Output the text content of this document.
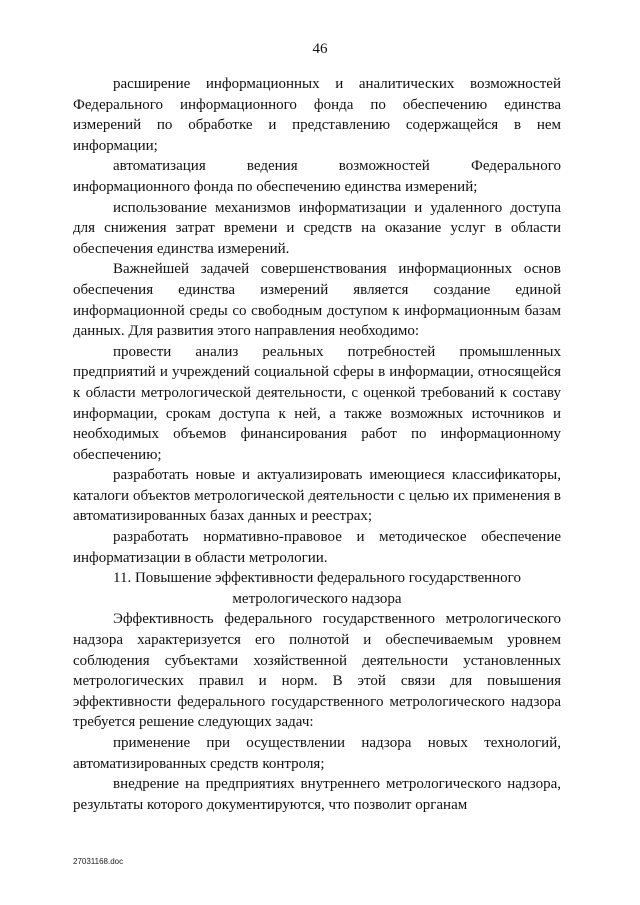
46

расширение информационных и аналитических возможностей Федерального информационного фонда по обеспечению единства измерений по обработке и представлению содержащейся в нем информации;

автоматизация ведения возможностей Федерального информационного фонда по обеспечению единства измерений;

использование механизмов информатизации и удаленного доступа для снижения затрат времени и средств на оказание услуг в области обеспечения единства измерений.

Важнейшей задачей совершенствования информационных основ обеспечения единства измерений является создание единой информационной среды со свободным доступом к информационным базам данных. Для развития этого направления необходимо:

провести анализ реальных потребностей промышленных предприятий и учреждений социальной сферы в информации, относящейся к области метрологической деятельности, с оценкой требований к составу информации, срокам доступа к ней, а также возможных источников и необходимых объемов финансирования работ по информационному обеспечению;

разработать новые и актуализировать имеющиеся классификаторы, каталоги объектов метрологической деятельности с целью их применения в автоматизированных базах данных и реестрах;

разработать нормативно-правовое и методическое обеспечение информатизации в области метрологии.

11. Повышение эффективности федерального государственного
метрологического надзора

Эффективность федерального государственного метрологического надзора характеризуется его полнотой и обеспечиваемым уровнем соблюдения субъектами хозяйственной деятельности установленных метрологических правил и норм. В этой связи для повышения эффективности федерального государственного метрологического надзора требуется решение следующих задач:

применение при осуществлении надзора новых технологий, автоматизированных средств контроля;

внедрение на предприятиях внутреннего метрологического надзора, результаты которого документируются, что позволит органам

27031168.doc
